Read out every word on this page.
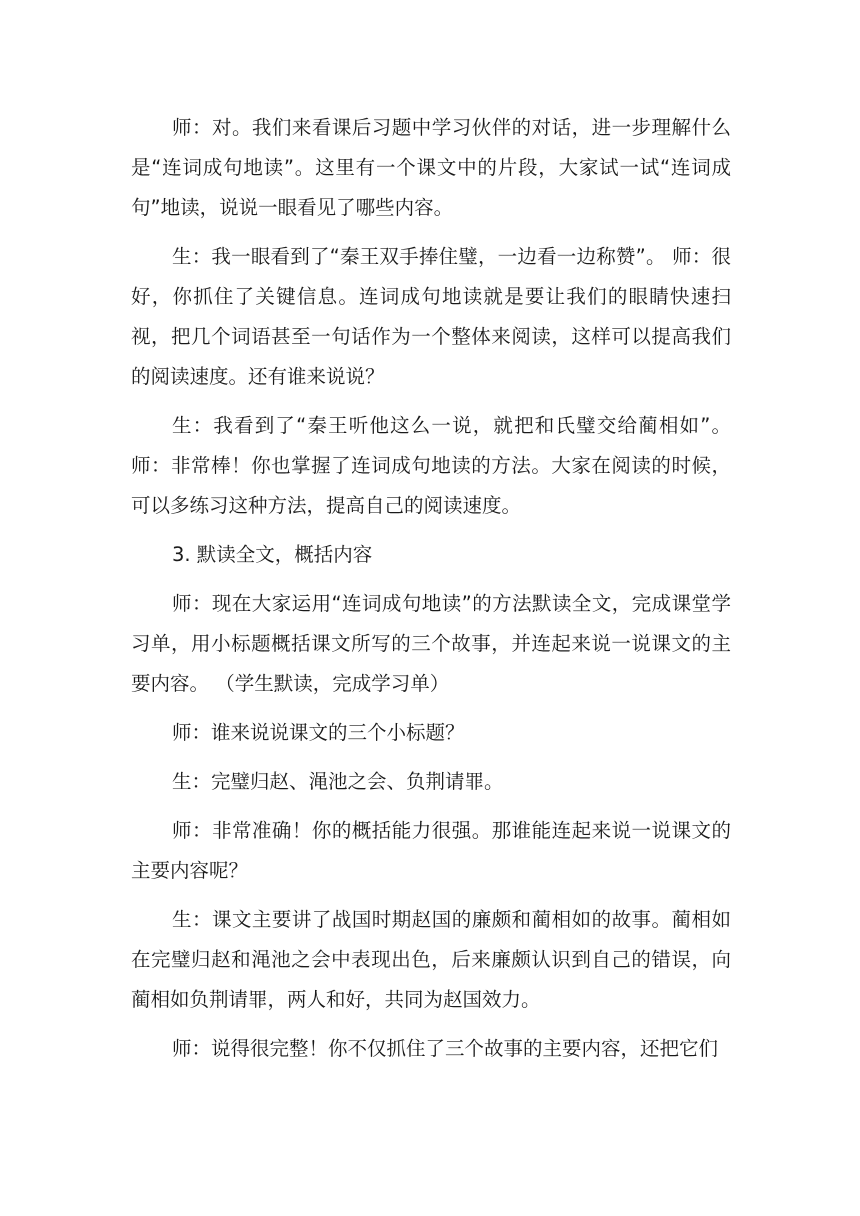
师：对。我们来看课后习题中学习伙伴的对话，进一步理解什么是“连词成句地读”。这里有一个课文中的片段，大家试一试“连词成句”地读，说说一眼看见了哪些内容。

生：我一眼看到了“秦王双手捧住璧，一边看一边称赞”。 师：很好，你抓住了关键信息。连词成句地读就是要让我们的眼睛快速扫视，把几个词语甚至一句话作为一个整体来阅读，这样可以提高我们的阅读速度。还有谁来说说？

生：我看到了“秦王听他这么一说，就把和氏璧交给蔺相如”。 师：非常棒！你也掌握了连词成句地读的方法。大家在阅读的时候，可以多练习这种方法，提高自己的阅读速度。

3. 默读全文，概括内容

师：现在大家运用“连词成句地读”的方法默读全文，完成课堂学习单，用小标题概括课文所写的三个故事，并连起来说一说课文的主要内容。 （学生默读，完成学习单）

师：谁来说说课文的三个小标题？

生：完璧归赵、渑池之会、负荆请罪。

师：非常准确！你的概括能力很强。那谁能连起来说一说课文的主要内容呢？

生：课文主要讲了战国时期赵国的廉颇和蔺相如的故事。蔺相如在完璧归赵和渑池之会中表现出色，后来廉颇认识到自己的错误，向蔺相如负荆请罪，两人和好，共同为赵国效力。

师：说得很完整！你不仅抓住了三个故事的主要内容，还把它们
